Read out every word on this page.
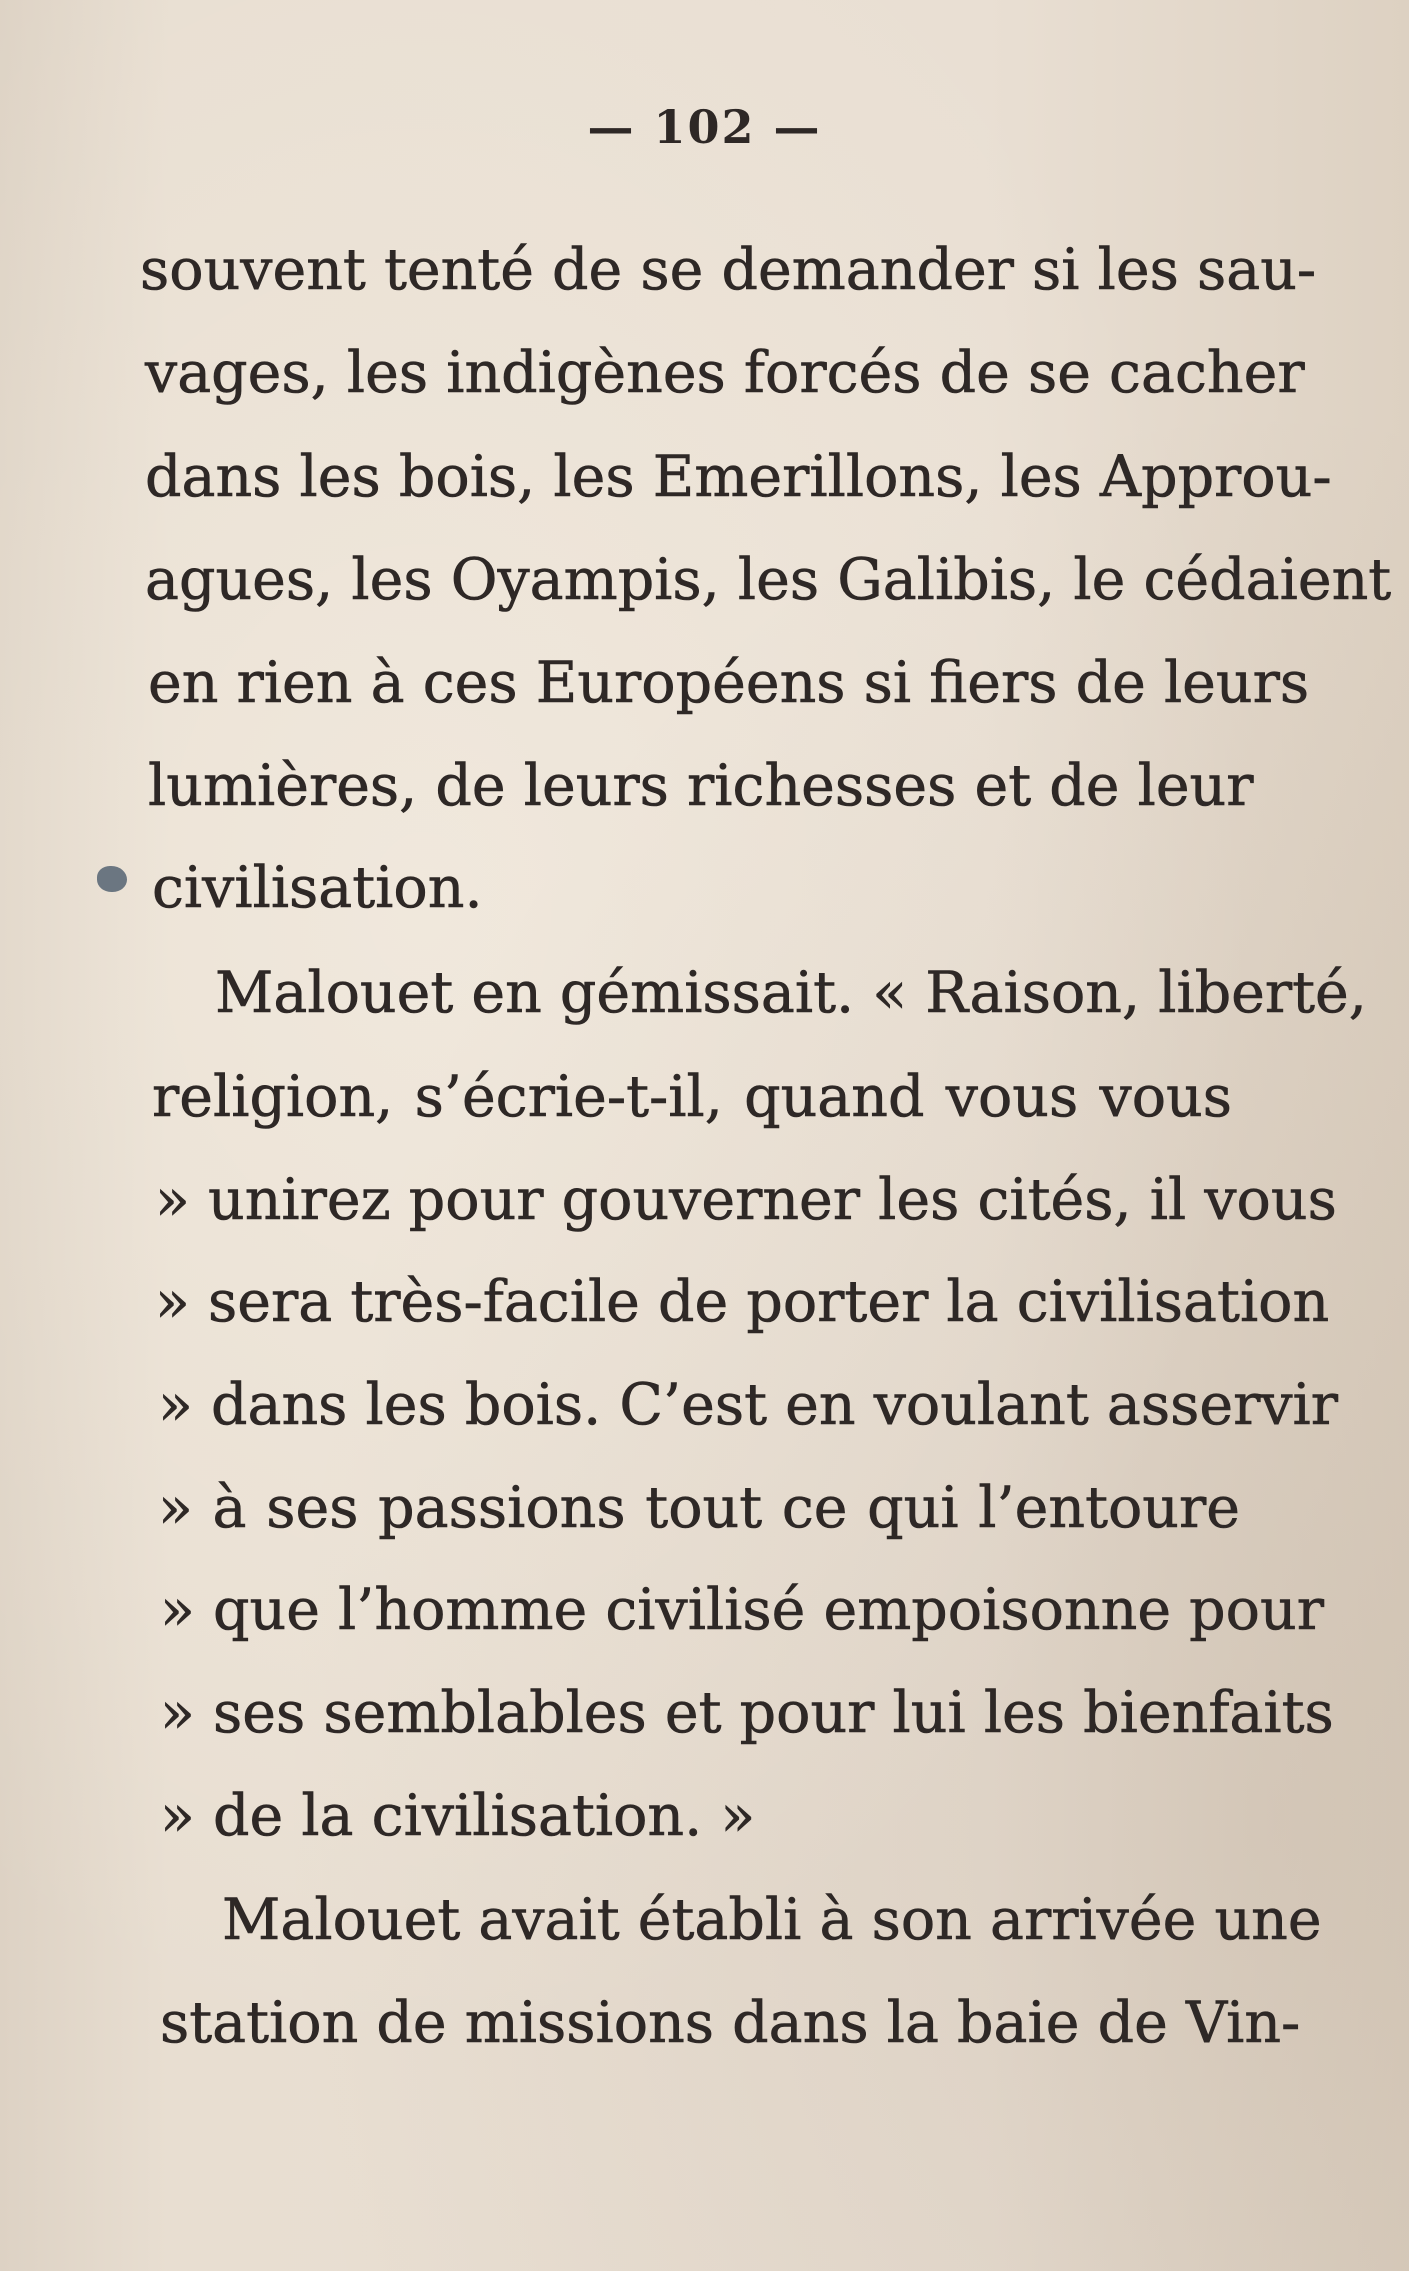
— 102 —
souvent tenté de se demander si les sau-
vages, les indigènes forcés de se cacher
dans les bois, les Emerillons, les Approu-
agues, les Oyampis, les Galibis, le cédaient
en rien à ces Européens si fiers de leurs
lumières, de leurs richesses et de leur
civilisation.
Malouet en gémissait. « Raison, liberté,
religion, s’écrie-t-il, quand vous vous
» unirez pour gouverner les cités, il vous
» sera très-facile de porter la civilisation
» dans les bois. C’est en voulant asservir
» à ses passions tout ce qui l’entoure
» que l’homme civilisé empoisonne pour
» ses semblables et pour lui les bienfaits
» de la civilisation. »
Malouet avait établi à son arrivée une
station de missions dans la baie de Vin-
